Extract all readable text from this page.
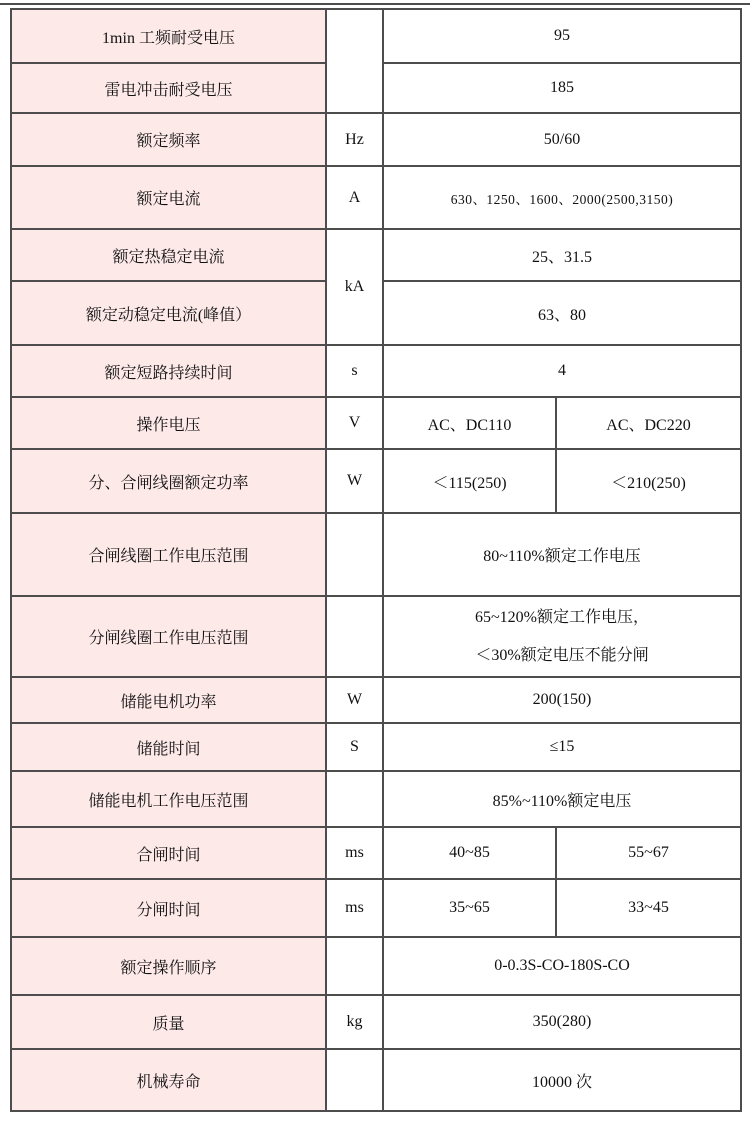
1min 工频耐受电压		95	
雷电冲击耐受电压		185	
额定频率	Hz	50/60	
额定电流	A	630、1250、1600、2000(2500,3150)	
额定热稳定电流	kA	25、31.5	
额定动稳定电流(峰值）		63、80	
额定短路持续时间	s	4	
操作电压	V	AC、DC110	AC、DC220
分、合闸线圈额定功率	W	＜115(250)	＜210(250)
合闸线圈工作电压范围		80~110%额定工作电压	
分闸线圈工作电压范围		65~120%额定工作电压，
＜30%额定电压不能分闸	

储能电机功率	W	200(150)	
储能时间	S	≤15	
储能电机工作电压范围		85%~110%额定电压	
合闸时间	ms	40~85	55~67
分闸时间	ms	35~65	33~45
额定操作顺序		0-0.3S-CO-180S-CO	
质量	kg	350(280)	
机械寿命		10000 次	
